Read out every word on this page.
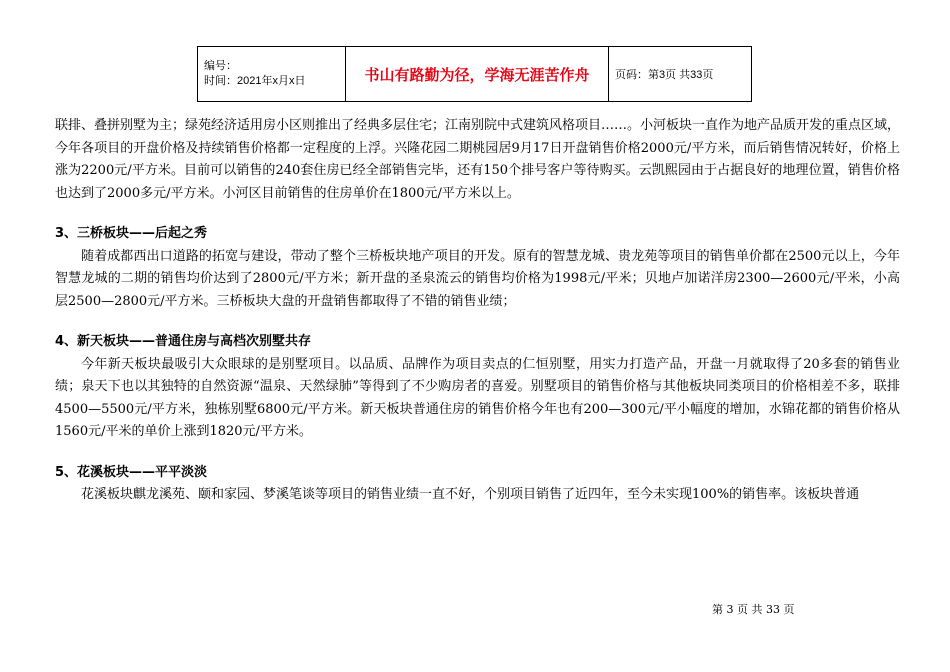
编号：
时间：2021年x月x日	书山有路勤为径，学海无涯苦作舟	页码：第3页 共33页

联排、叠拼别墅为主；绿苑经济适用房小区则推出了经典多层住宅；江南别院中式建筑风格项目……。小河板块一直作为地产品质开发的重点区域，今年各项目的开盘价格及持续销售价格都一定程度的上浮。兴隆花园二期桃园居9月17日开盘销售价格2000元/平方米，而后销售情况转好，价格上涨为2200元/平方米。目前可以销售的240套住房已经全部销售完毕，还有150个排号客户等待购买。云凯熙园由于占据良好的地理位置，销售价格也达到了2000多元/平方米。小河区目前销售的住房单价在1800元/平方米以上。

3、三桥板块——后起之秀

随着成都西出口道路的拓宽与建设，带动了整个三桥板块地产项目的开发。原有的智慧龙城、贵龙苑等项目的销售单价都在2500元以上，今年智慧龙城的二期的销售均价达到了2800元/平方米；新开盘的圣泉流云的销售均价格为1998元/平米；贝地卢加诺洋房2300—2600元/平米，小高层2500—2800元/平方米。三桥板块大盘的开盘销售都取得了不错的销售业绩；

4、新天板块——普通住房与高档次别墅共存

今年新天板块最吸引大众眼球的是别墅项目。以品质、品牌作为项目卖点的仁恒别墅，用实力打造产品，开盘一月就取得了20多套的销售业绩；泉天下也以其独特的自然资源“温泉、天然绿肺”等得到了不少购房者的喜爱。别墅项目的销售价格与其他板块同类项目的价格相差不多，联排4500—5500元/平方米，独栋别墅6800元/平方米。新天板块普通住房的销售价格今年也有200—300元/平小幅度的增加，水锦花都的销售价格从1560元/平米的单价上涨到1820元/平方米。

5、花溪板块——平平淡淡

花溪板块麒龙溪苑、颐和家园、梦溪笔谈等项目的销售业绩一直不好，个别项目销售了近四年，至今未实现100%的销售率。该板块普通

第 3 页 共 33 页
